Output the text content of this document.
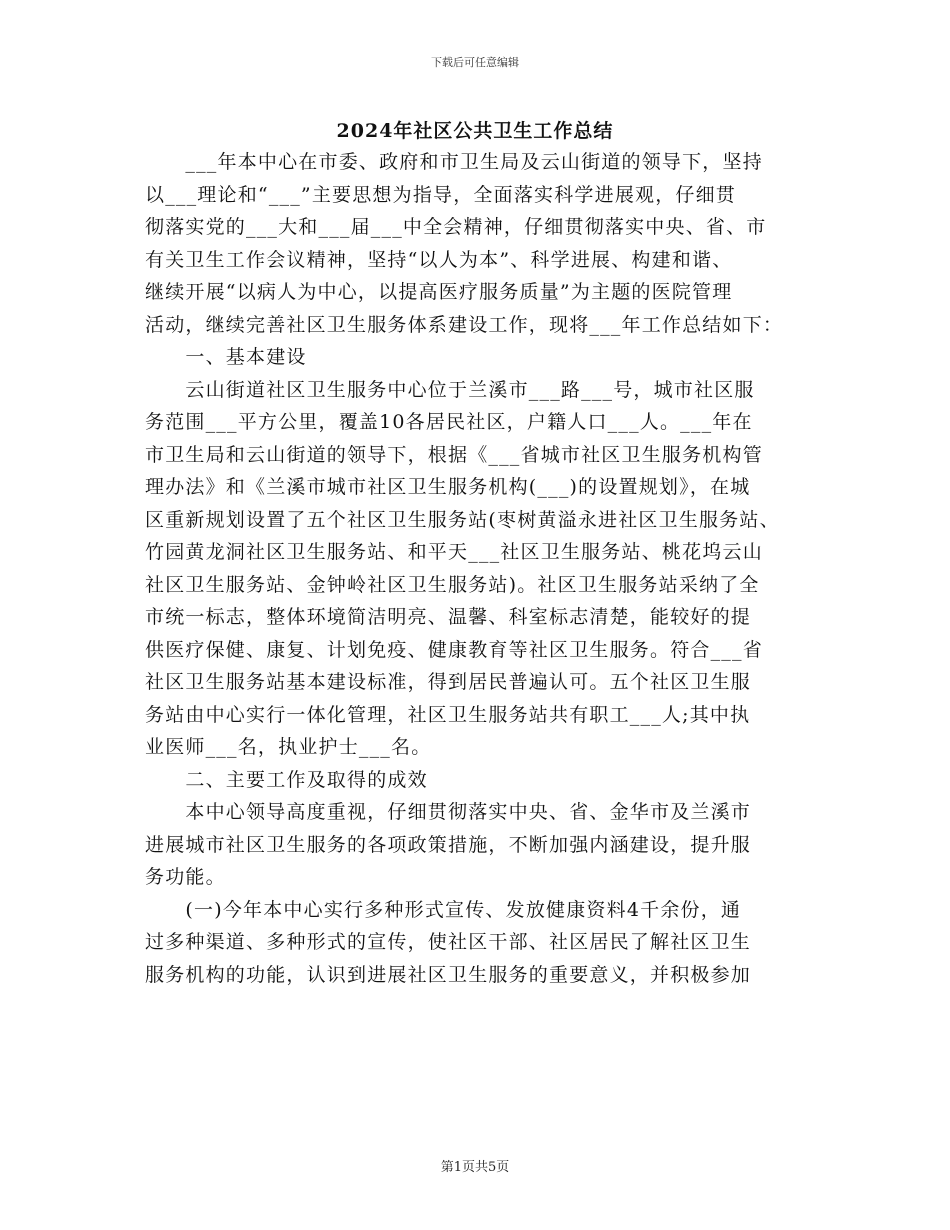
下载后可任意编辑
2024年社区公共卫生工作总结
　　___年本中心在市委、政府和市卫生局及云山街道的领导下，坚持
以___理论和“___”主要思想为指导，全面落实科学进展观，仔细贯
彻落实党的___大和___届___中全会精神，仔细贯彻落实中央、省、市
有关卫生工作会议精神，坚持“以人为本”、科学进展、构建和谐、
继续开展“以病人为中心，以提高医疗服务质量”为主题的医院管理
活动，继续完善社区卫生服务体系建设工作，现将___年工作总结如下：
　　一、基本建设
　　云山街道社区卫生服务中心位于兰溪市___路___号，城市社区服
务范围___平方公里，覆盖10各居民社区，户籍人口___人。___年在
市卫生局和云山街道的领导下，根据《___省城市社区卫生服务机构管
理办法》和《兰溪市城市社区卫生服务机构(___)的设置规划》，在城
区重新规划设置了五个社区卫生服务站(枣树黄溢永进社区卫生服务站、
竹园黄龙洞社区卫生服务站、和平天___社区卫生服务站、桃花坞云山
社区卫生服务站、金钟岭社区卫生服务站)。社区卫生服务站采纳了全
市统一标志，整体环境简洁明亮、温馨、科室标志清楚，能较好的提
供医疗保健、康复、计划免疫、健康教育等社区卫生服务。符合___省
社区卫生服务站基本建设标准，得到居民普遍认可。五个社区卫生服
务站由中心实行一体化管理，社区卫生服务站共有职工___人;其中执
业医师___名，执业护士___名。
　　二、主要工作及取得的成效
　　本中心领导高度重视，仔细贯彻落实中央、省、金华市及兰溪市
进展城市社区卫生服务的各项政策措施，不断加强内涵建设，提升服
务功能。
　　(一)今年本中心实行多种形式宣传、发放健康资料4千余份，通
过多种渠道、多种形式的宣传，使社区干部、社区居民了解社区卫生
服务机构的功能，认识到进展社区卫生服务的重要意义，并积极参加
第1页共5页
